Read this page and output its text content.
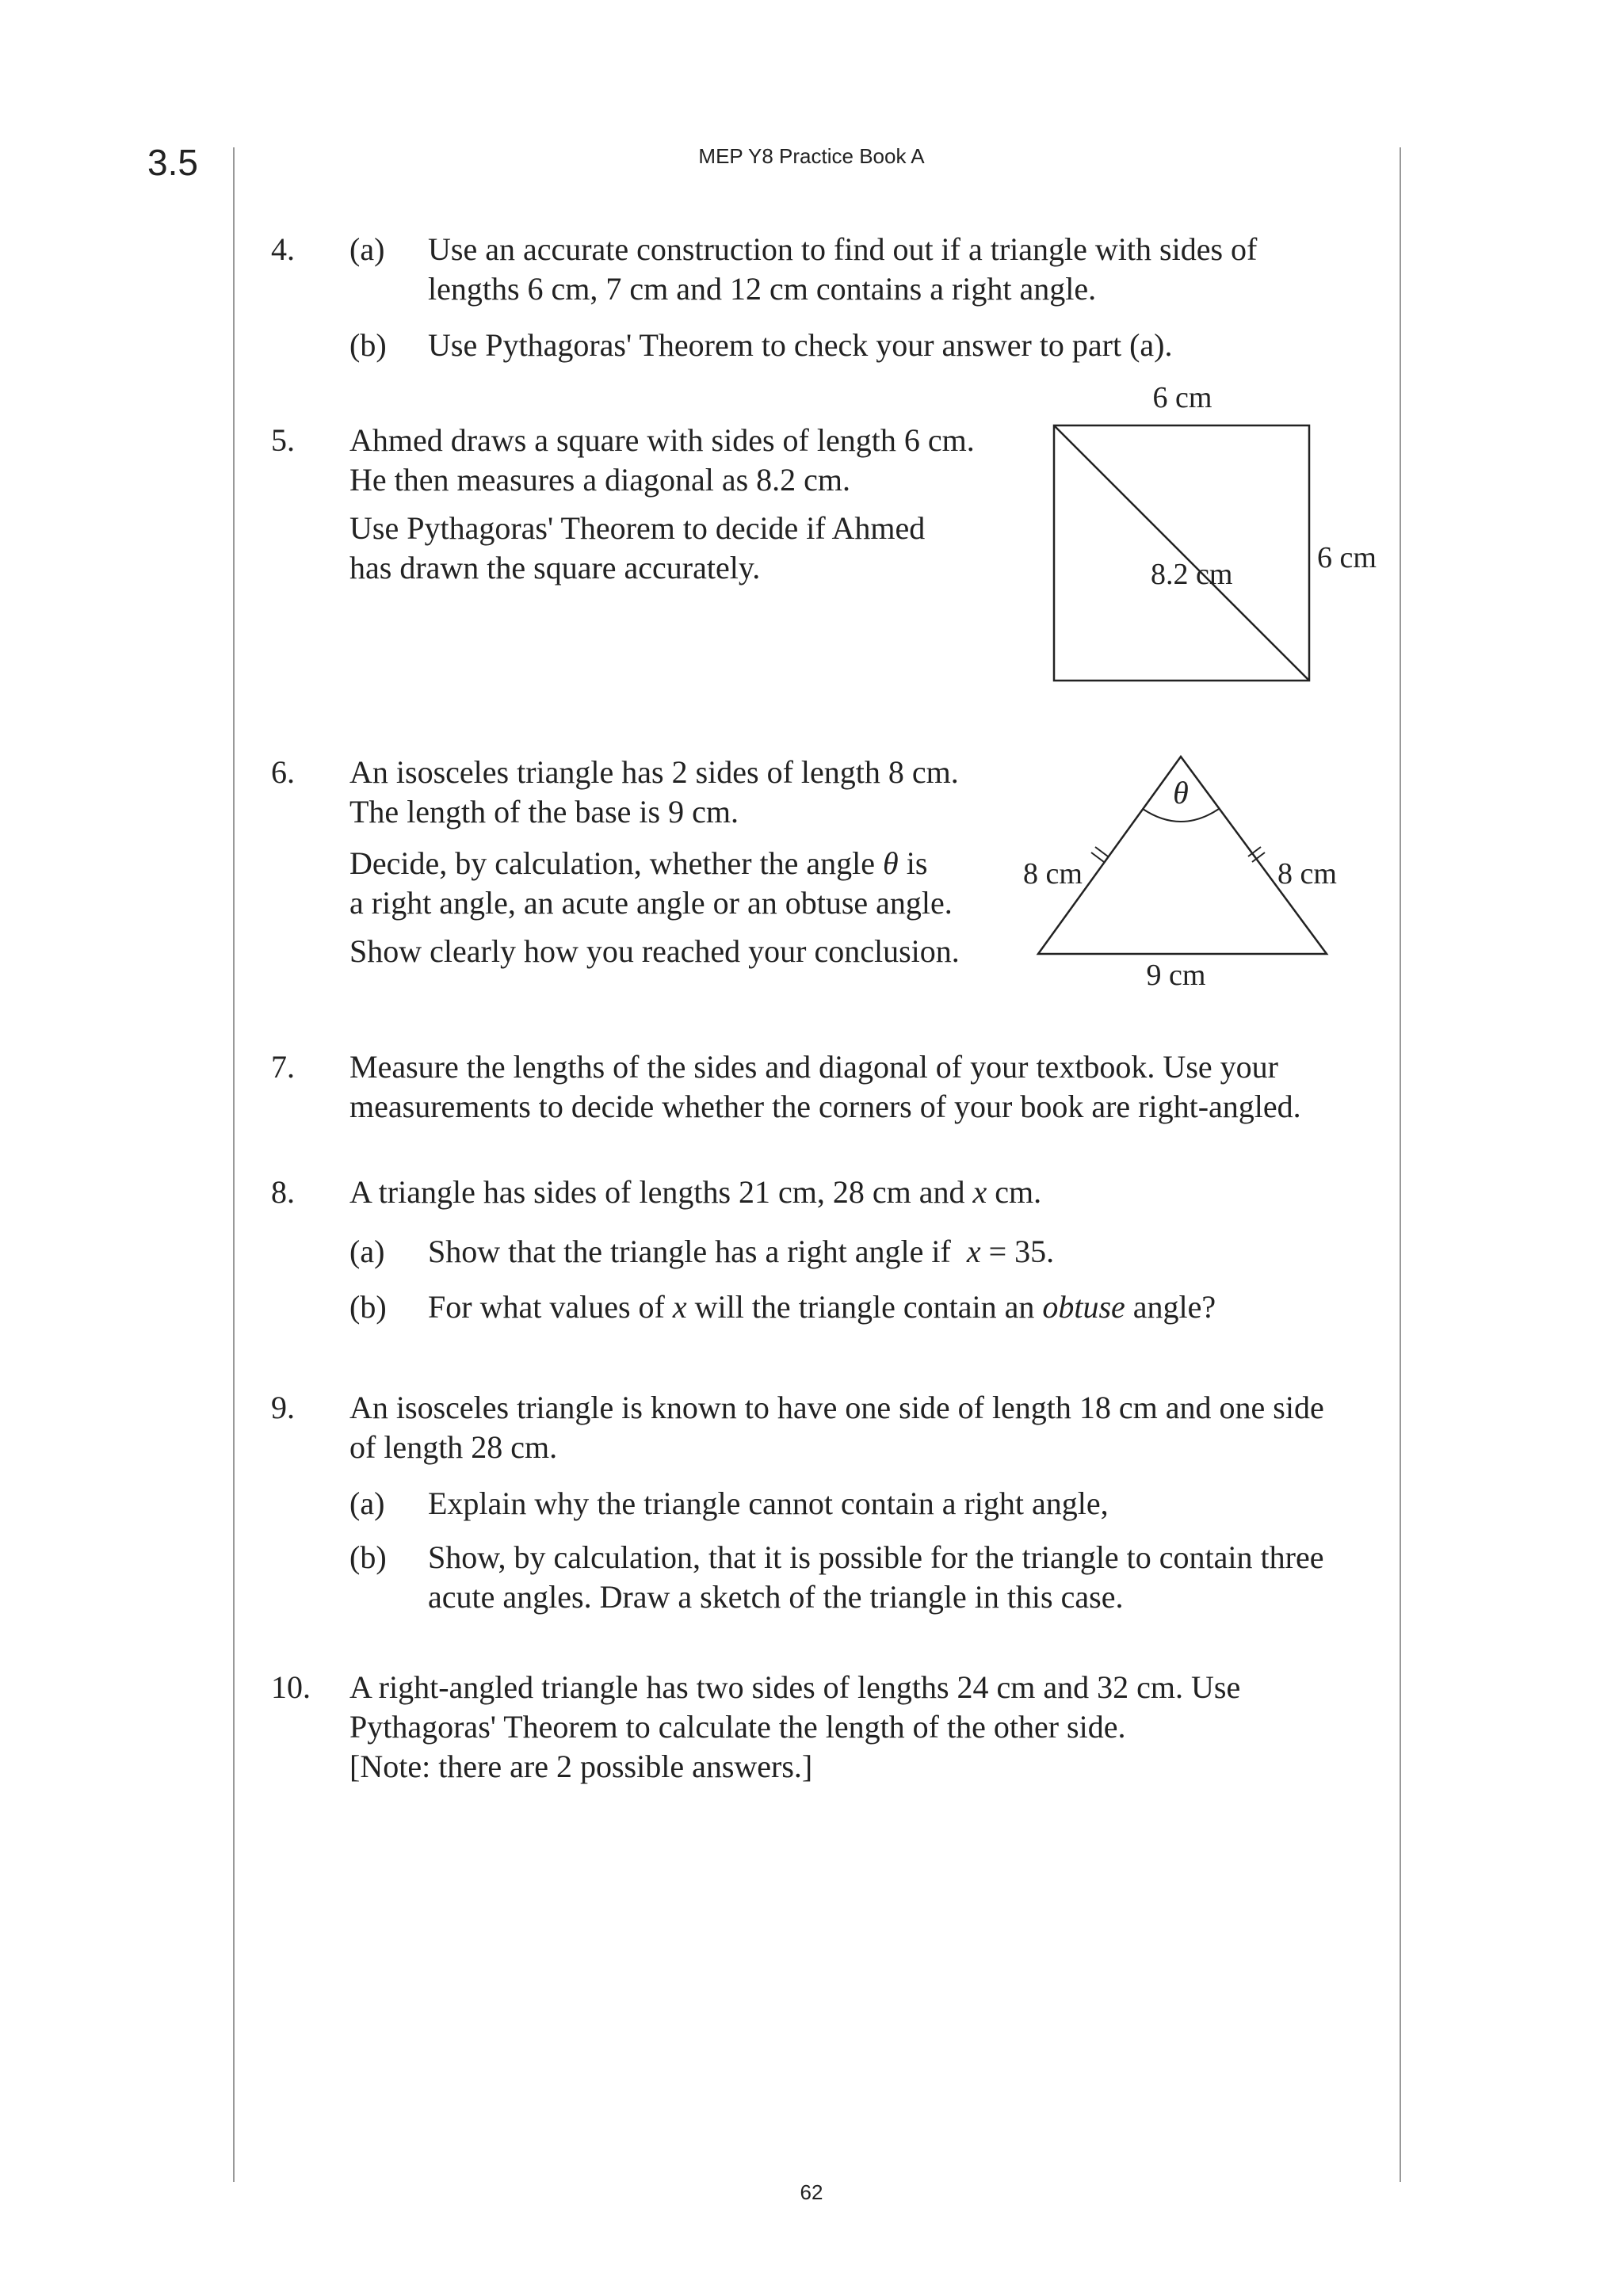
3.5	MEP Y8 Practice Book A
4. (a) Use an accurate construction to find out if a triangle with sides of
lengths 6 cm, 7 cm and 12 cm contains a right angle.
(b) Use Pythagoras' Theorem to check your answer to part (a).
5. Ahmed draws a square with sides of length 6 cm.
He then measures a diagonal as 8.2 cm.
Use Pythagoras' Theorem to decide if Ahmed
has drawn the square accurately.
6 cm
6 cm
8.2 cm
6. An isosceles triangle has 2 sides of length 8 cm.
The length of the base is 9 cm.
Decide, by calculation, whether the angle θ is
a right angle, an acute angle or an obtuse angle.
Show clearly how you reached your conclusion.
θ
8 cm	8 cm
9 cm
7. Measure the lengths of the sides and diagonal of your textbook. Use your
measurements to decide whether the corners of your book are right-angled.
8. A triangle has sides of lengths 21 cm, 28 cm and x cm.
(a) Show that the triangle has a right angle if x = 35.
(b) For what values of x will the triangle contain an obtuse angle?
9. An isosceles triangle is known to have one side of length 18 cm and one side
of length 28 cm.
(a) Explain why the triangle cannot contain a right angle,
(b) Show, by calculation, that it is possible for the triangle to contain three
acute angles. Draw a sketch of the triangle in this case.
10. A right-angled triangle has two sides of lengths 24 cm and 32 cm. Use
Pythagoras' Theorem to calculate the length of the other side.
[Note: there are 2 possible answers.]
62
